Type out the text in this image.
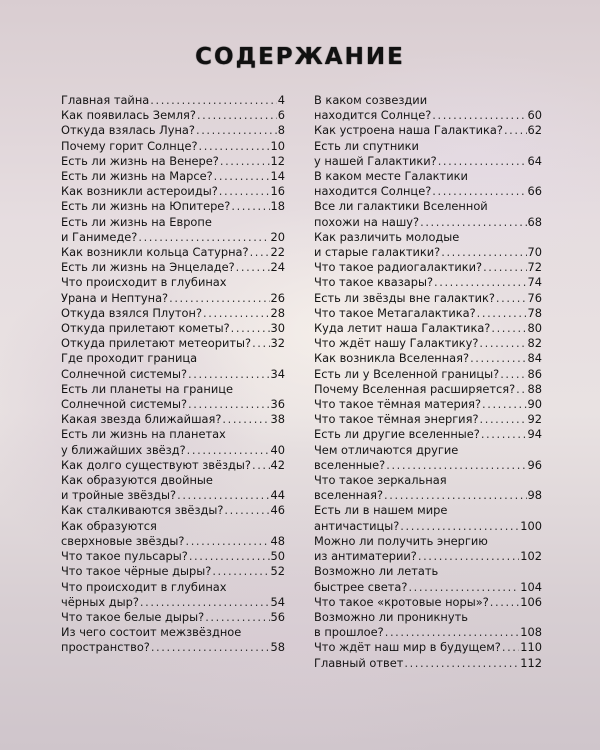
СОДЕРЖАНИЕ
Главная тайна .....	4
Как появилась Земля? .....	6
Откуда взялась Луна? .....	8
Почему горит Солнце? .....	10
Есть ли жизнь на Венере? .....	12
Есть ли жизнь на Марсе? .....	14
Как возникли астероиды? .....	16
Есть ли жизнь на Юпитере? .....	18
Есть ли жизнь на Европе
и Ганимеде? .....	20
Как возникли кольца Сатурна? ..... 22
Есть ли жизнь на Энцеладе? .....	24
Что происходит в глубинах
Урана и Нептуна? .....	26
Откуда взялся Плутон? .....	28
Откуда прилетают кометы? .....	30
Откуда прилетают метеориты? ..... 32
Где проходит граница
Солнечной системы? .....	34
Есть ли планеты на границе
Солнечной системы? .....	36
Какая звезда ближайшая? .....	38
Есть ли жизнь на планетах
у ближайших звёзд? .....	40
Как долго существуют звёзды? ..... 42
Как образуются двойные
и тройные звёзды? .....	44
Как сталкиваются звёзды? .....	46
Как образуются
сверхновые звёзды? .....	48
Что такое пульсары? .....	50
Что такое чёрные дыры? .....	52
Что происходит в глубинах
чёрных дыр? .....	54
Что такое белые дыры? .....	56
Из чего состоит межзвёздное
пространство? .....	58
В каком созвездии
находится Солнце? .....	60
Как устроена наша Галактика? ..... 62
Есть ли спутники
у нашей Галактики? .....	64
В каком месте Галактики
находится Солнце? .....	66
Все ли галактики Вселенной
похожи на нашу? .....	68
Как различить молодые
и старые галактики? .....	70
Что такое радиогалактики? .....	72
Что такое квазары? .....	74
Есть ли звёзды вне галактик? .....	76
Что такое Метагалактика? .....	78
Куда летит наша Галактика? .....	80
Что ждёт нашу Галактику? .....	82
Как возникла Вселенная? .....	84
Есть ли у Вселенной границы? ..... 86
Почему Вселенная расширяется? ..... 88
Что такое тёмная материя? .....	90
Что такое тёмная энергия? .....	92
Есть ли другие вселенные? .....	94
Чем отличаются другие
вселенные? .....	96
Что такое зеркальная
вселенная? .....	98
Есть ли в нашем мире
античастицы? .....	100
Можно ли получить энергию
из антиматерии? .....	102
Возможно ли летать
быстрее света? .....	104
Что такое «кротовые норы»? .....	106
Возможно ли проникнуть
в прошлое? .....	108
Что ждёт наш мир в будущем? ..... 110
Главный ответ .....	112
